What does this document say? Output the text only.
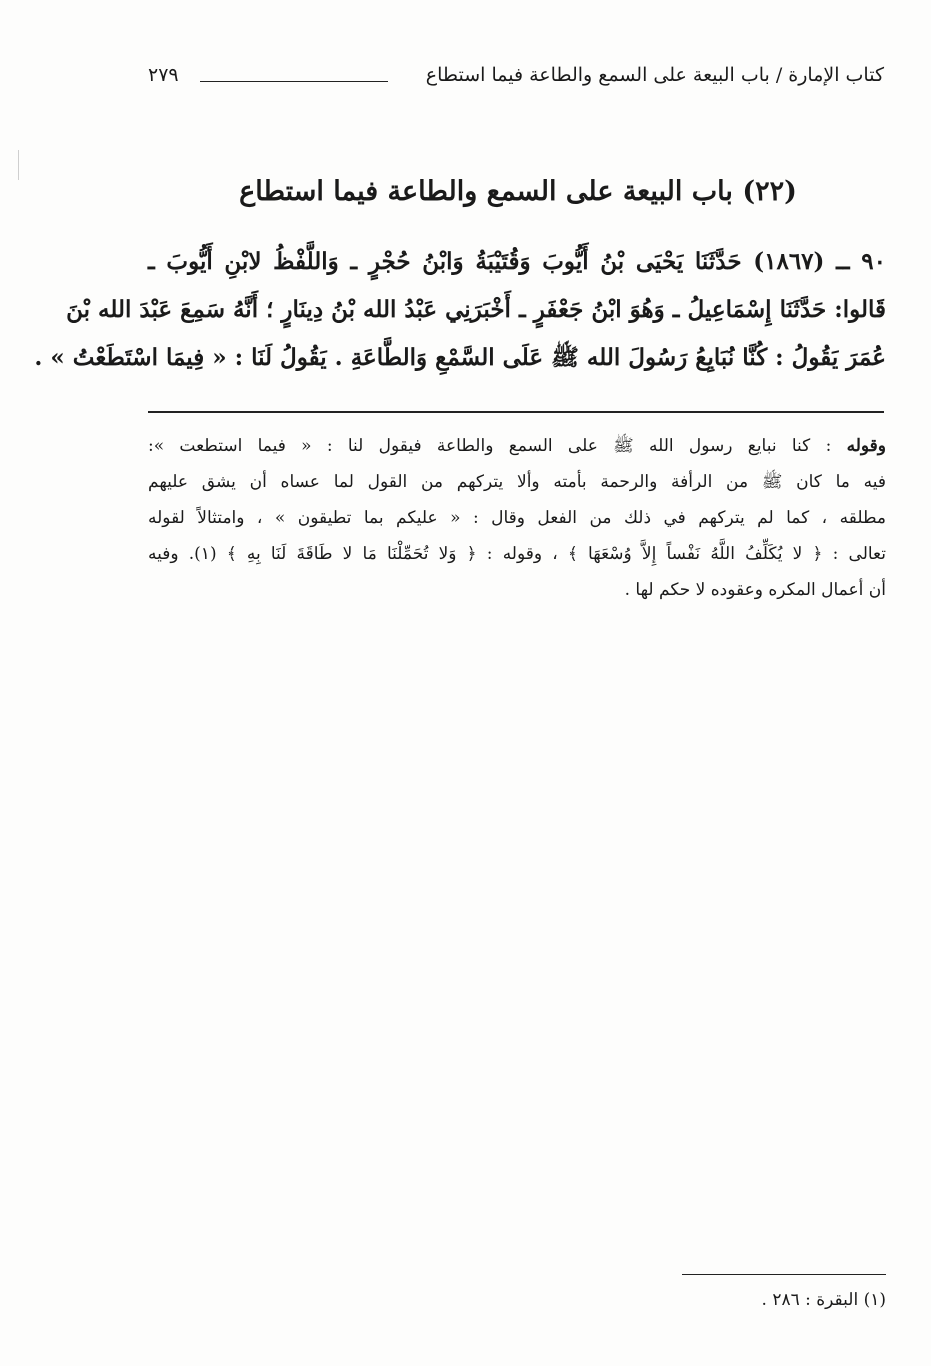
كتاب الإمارة / باب البيعة على السمع والطاعة فيما استطاع
٢٧٩
(٢٢) باب البيعة على السمع والطاعة فيما استطاع
٩٠ ــ (١٨٦٧) حَدَّثَنَا يَحْيَى بْنُ أَيُّوبَ وَقُتَيْبَةُ وَابْنُ حُجْرٍ ـ وَاللَّفْظُ لابْنِ أَيُّوبَ ـ
قَالوا: حَدَّثَنَا إِسْمَاعِيلُ ـ وَهُوَ ابْنُ جَعْفَرٍ ـ أَخْبَرَنِي عَبْدُ الله بْنُ دِينَارٍ ؛ أَنَّهُ سَمِعَ عَبْدَ الله بْنَ
عُمَرَ يَقُولُ : كُنَّا نُبَايِعُ رَسُولَ الله ﷺ عَلَى السَّمْعِ وَالطَّاعَةِ . يَقُولُ لَنَا : « فِيمَا اسْتَطَعْتُ » .
وقوله : كنا نبايع رسول الله ﷺ على السمع والطاعة فيقول لنا : « فيما استطعت »:
فيه ما كان ﷺ من الرأفة والرحمة بأمته وألا يتركهم من القول لما عساه أن يشق عليهم
مطلقه ، كما لم يتركهم في ذلك من الفعل وقال : « عليكم بما تطيقون » ، وامتثالاً لقوله
تعالى : ﴿ لا يُكَلِّفُ اللَّهُ نَفْساً إِلاَّ وُسْعَهَا ﴾ ، وقوله : ﴿ وَلا تُحَمِّلْنَا مَا لا طَاقَةَ لَنَا بِهِ ﴾ (١). وفيه
أن أعمال المكره وعقوده لا حكم لها .
(١) البقرة : ٢٨٦ .
